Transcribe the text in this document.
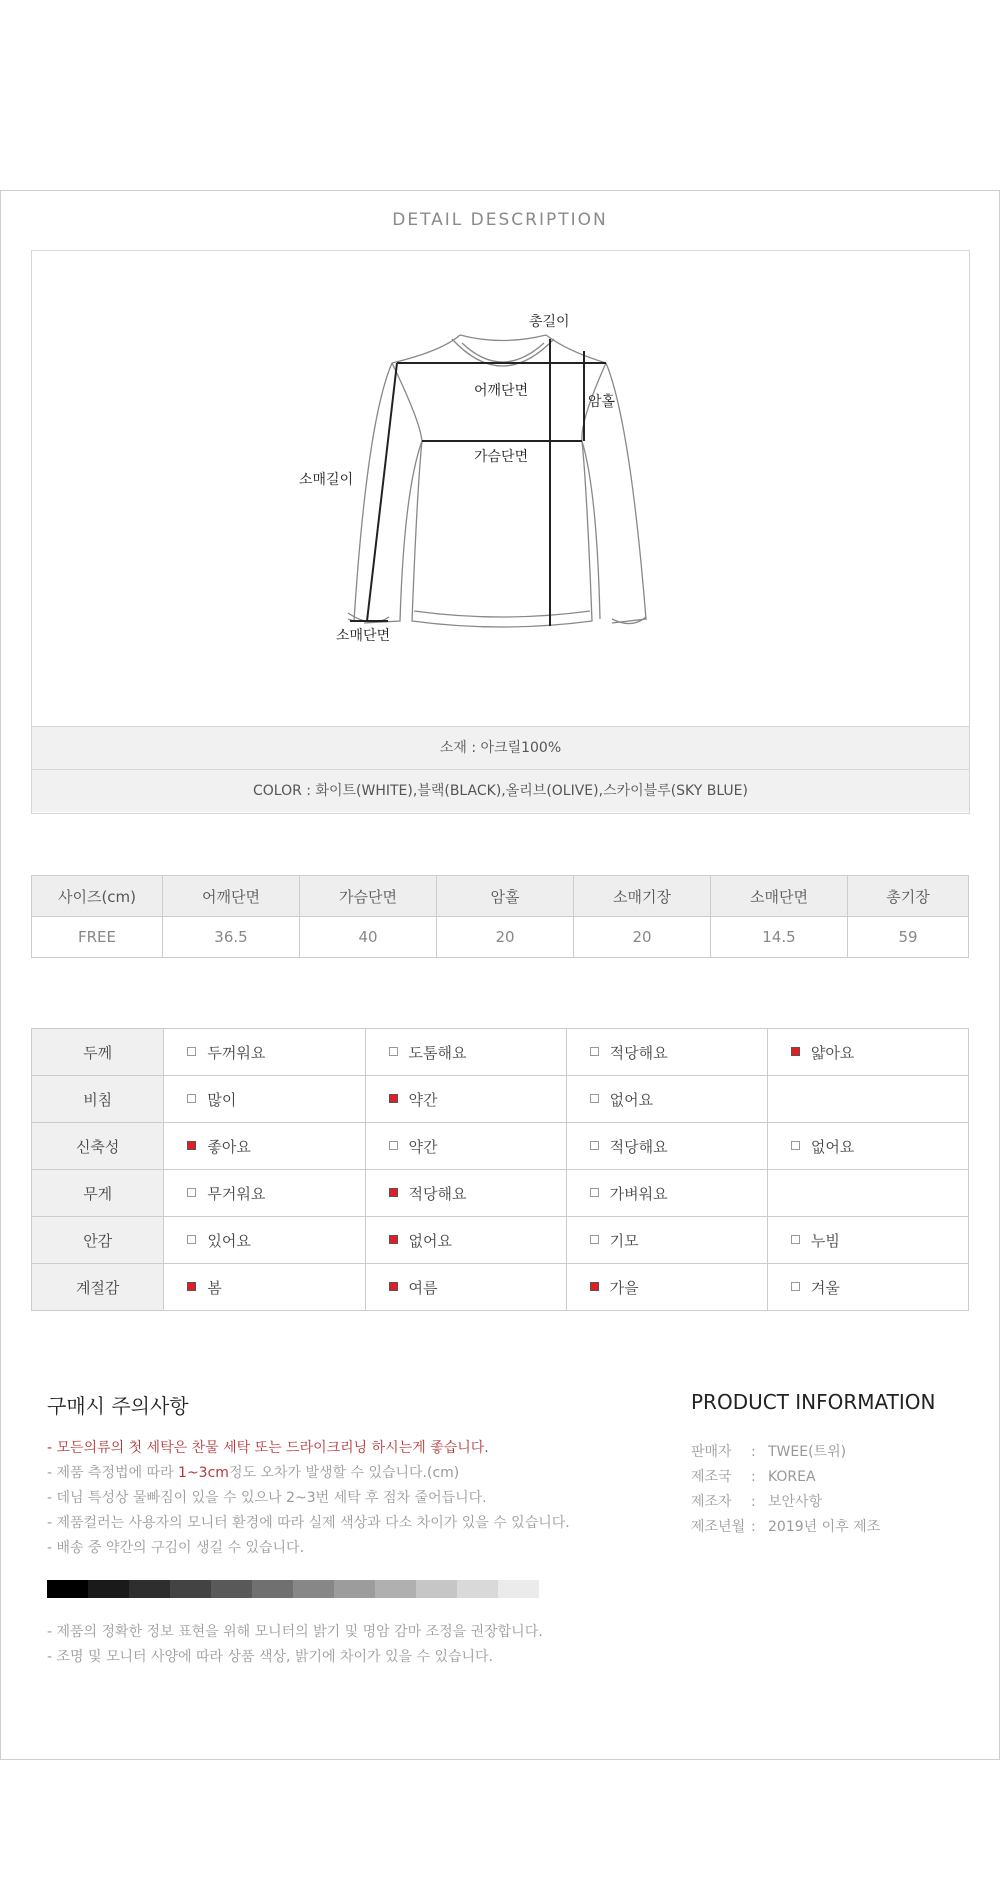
DETAIL DESCRIPTION
총길이
어깨단면
암홀
가슴단면
소매길이
소매단면
소재 : 아크릴100%
COLOR : 화이트(WHITE),블랙(BLACK),올리브(OLIVE),스카이블루(SKY BLUE)
사이즈(cm)	어깨단면	가슴단면	암홀	소매기장	소매단면	총기장
FREE	36.5	40	20	20	14.5	59
두께	두꺼워요	도톰해요	적당해요	얇아요
비침	많이	약간	없어요	
신축성	좋아요	약간	적당해요	없어요
무게	무거워요	적당해요	가벼워요	
안감	있어요	없어요	기모	누빔
계절감	봄	여름	가을	겨울
구매시 주의사항
- 모든의류의 첫 세탁은 찬물 세탁 또는 드라이크리닝 하시는게 좋습니다.
- 제품 측정법에 따라 1~3cm정도 오차가 발생할 수 있습니다.(cm)
- 데님 특성상 물빠짐이 있을 수 있으나 2~3번 세탁 후 점차 줄어듭니다.
- 제품컬러는 사용자의 모니터 환경에 따라 실제 색상과 다소 차이가 있을 수 있습니다.
- 배송 중 약간의 구김이 생길 수 있습니다.
- 제품의 정확한 정보 표현을 위해 모니터의 밝기 및 명암 감마 조정을 권장합니다.
- 조명 및 모니터 사양에 따라 상품 색상, 밝기에 차이가 있을 수 있습니다.
PRODUCT INFORMATION
판매자 : TWEE(트위)
제조국 : KOREA
제조자 : 보안사항
제조년월 : 2019년 이후 제조
